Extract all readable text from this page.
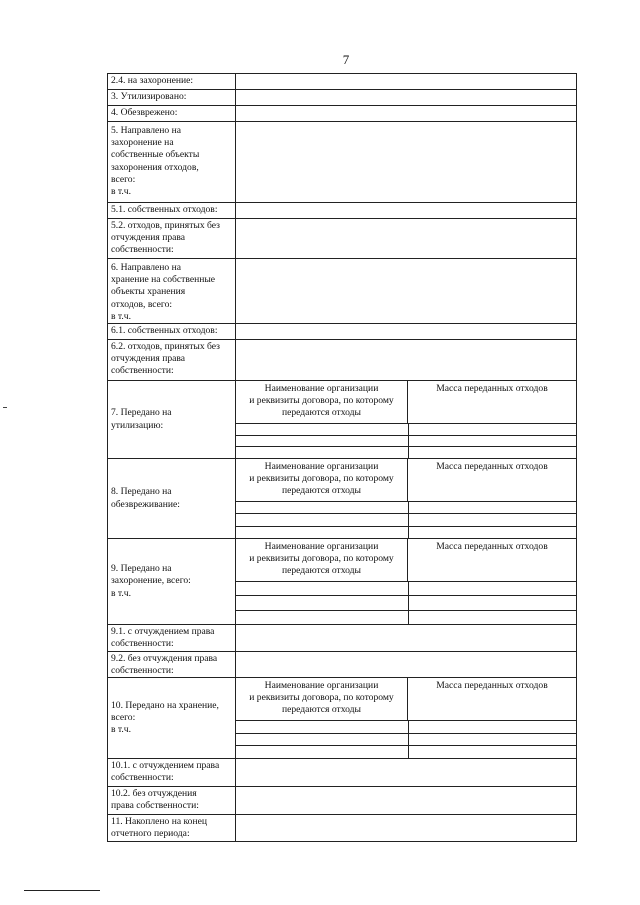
7
2.4. на захоронение:
3. Утилизировано:
4. Обезврежено:
5. Направлено на
захоронение на
собственные объекты
захоронения отходов,
всего:
в т.ч.
5.1. собственных отходов:
5.2. отходов, принятых без
отчуждения права
собственности:
6. Направлено на
хранение на собственные
объекты хранения
отходов, всего:
в т.ч.
6.1. собственных отходов:
6.2. отходов, принятых без
отчуждения права
собственности:
7. Передано на
утилизацию:
Наименование организации
и реквизиты договора, по которому
передаются отходы
Масса переданных отходов
8. Передано на
обезвреживание:
Наименование организации
и реквизиты договора, по которому
передаются отходы
Масса переданных отходов
9. Передано на
захоронение, всего:
в т.ч.
Наименование организации
и реквизиты договора, по которому
передаются отходы
Масса переданных отходов
9.1. с отчуждением права
собственности:
9.2. без отчуждения права
собственности:
10. Передано на хранение,
всего:
в т.ч.
Наименование организации
и реквизиты договора, по которому
передаются отходы
Масса переданных отходов
10.1. с отчуждением права
собственности:
10.2. без отчуждения
права собственности:
11. Накоплено на конец
отчетного периода:
